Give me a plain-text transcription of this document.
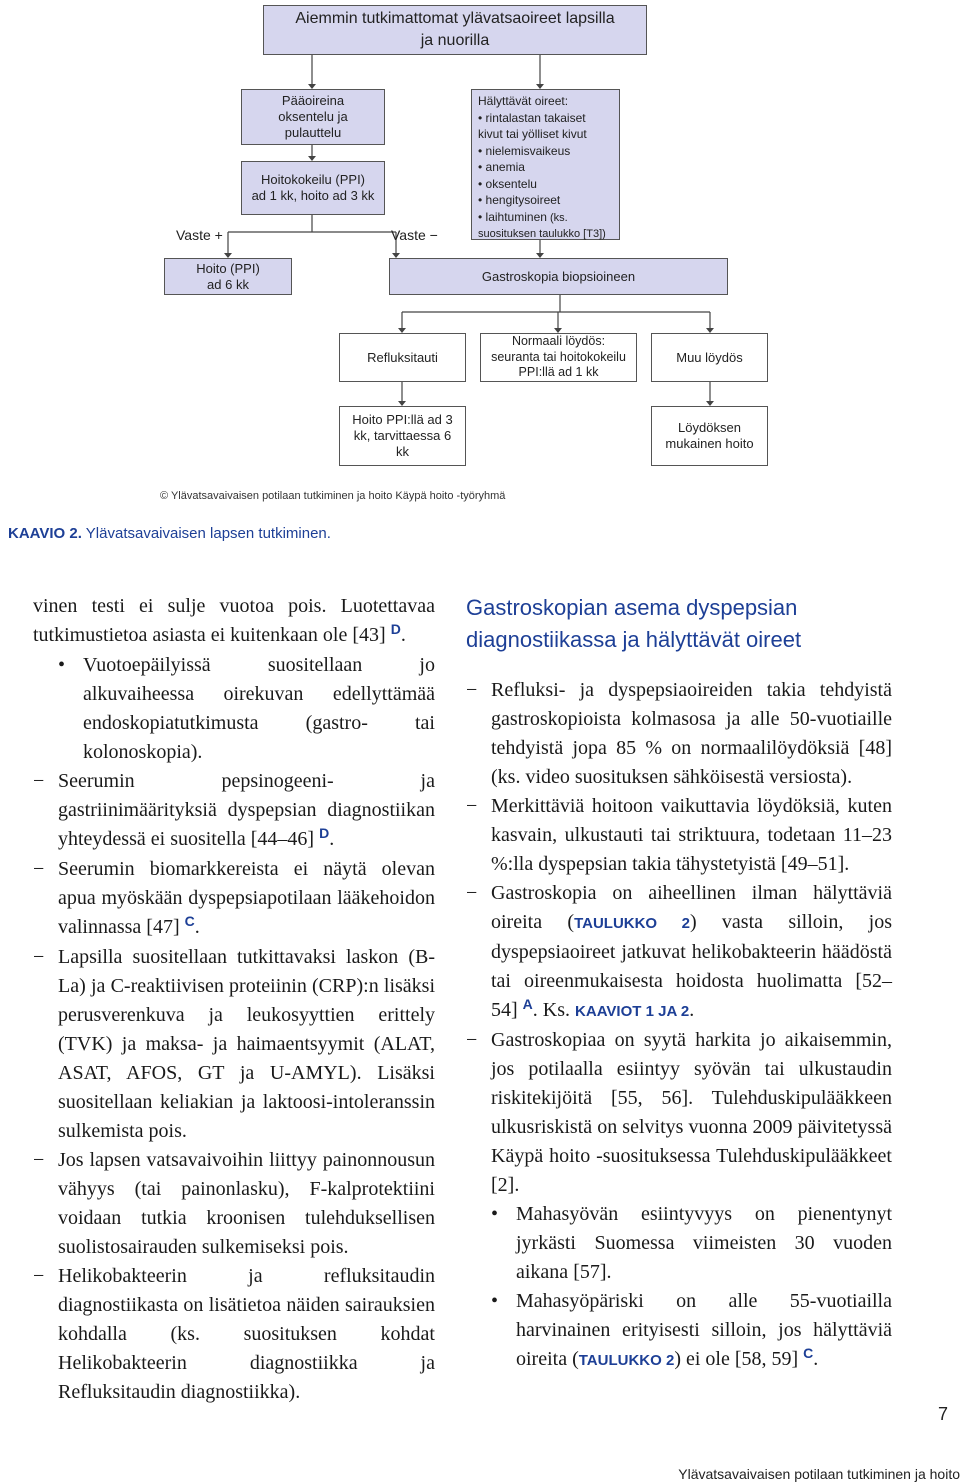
Aiemmin tutkimattomat ylävatsaoireet lapsilla
ja nuorilla
Pääoireina
oksentelu ja
pulauttelu
Hoitokokeilu (PPI)
ad 1 kk, hoito ad 3 kk
Vaste +	Vaste −
Hälyttävät oireet:
• rintalastan takaiset kivut tai yölliset kivut
• nielemisvaikeus
• anemia
• oksentelu
• hengitysoireet
• laihtuminen (ks.
suosituksen taulukko [T3])
Hoito (PPI)
ad 6 kk
Gastroskopia biopsioineen
Refluksitauti
Normaali löydös:
seuranta tai hoitokokeilu
PPI:llä ad 1 kk
Muu löydös
Hoito PPI:llä ad 3
kk, tarvittaessa 6
kk
Löydöksen
mukainen hoito
© Ylävatsavaivaisen potilaan tutkiminen ja hoito Käypä hoito -työryhmä
KAAVIO 2. Ylävatsavaivaisen lapsen tutkiminen.

vinen testi ei sulje vuotoa pois. Luotettavaa tutkimustietoa asiasta ei kuitenkaan ole [43] $^D$.

• Vuotoepäilyissä suositellaan jo alkuvaiheessa oirekuvan edellyttämää endoskopiatutkimusta (gastro- tai kolonoskopia).

− Seerumin pepsinogeeni- ja gastriinimäärityksiä dyspepsian diagnostiikan yhteydessä ei suositella [44–46] $^D$.

− Seerumin biomarkkereista ei näytä olevan apua myöskään dyspepsiapotilaan lääkehoidon valinnassa [47] $^C$.

− Lapsilla suositellaan tutkittavaksi laskon (B-La) ja C-reaktiivisen proteiinin (CRP):n lisäksi perusverenkuva ja leukosyyttien erittely (TVK) ja maksa- ja haimaentsyymit (ALAT, ASAT, AFOS, GT ja U-AMYL). Lisäksi suositellaan keliakian ja laktoosi-intoleranssin sulkemista pois.

− Jos lapsen vatsavaivoihin liittyy painonnousun vähyys (tai painonlasku), F-kalprotektiini voidaan tutkia kroonisen tulehduksellisen suolistosairauden sulkemiseksi pois.

− Helikobakteerin ja refluksitaudin diagnostiikasta on lisätietoa näiden sairauksien kohdalla (ks. suosituksen kohdat Helikobakteerin diagnostiikka ja Refluksitaudin diagnostiikka).

Gastroskopian asema dyspepsian diagnostiikassa ja hälyttävät oireet

− Refluksi- ja dyspepsiaoireiden takia tehdyistä gastroskopioista kolmasosa ja alle 50-vuotiaille tehdyistä jopa 85 % on normaalilöydöksiä [48] (ks. video suosituksen sähköisestä versiosta).

− Merkittäviä hoitoon vaikuttavia löydöksiä, kuten kasvain, ulkustauti tai striktuura, todetaan 11–23 %:lla dyspepsian takia tähystetyistä [49–51].

− Gastroskopia on aiheellinen ilman hälyttäviä oireita (TAULUKKO 2) vasta silloin, jos dyspepsiaoireet jatkuvat helikobakteerin häädöstä tai oireenmukaisesta hoidosta huolimatta [52–54] $^A$. Ks. KAAVIOT 1 JA 2.

− Gastroskopiaa on syytä harkita jo aikaisemmin, jos potilaalla esiintyy syövän tai ulkustaudin riskitekijöitä [55, 56]. Tulehduskipulääkkeen ulkusriskistä on selvitys vuonna 2009 päivitetyssä Käypä hoito -suosituksessa Tulehduskipulääkkeet [2].

• Mahasyövän esiintyvyys on pienentynyt jyrkästi Suomessa viimeisten 30 vuoden aikana [57].

• Mahasyöpäriski on alle 55-vuotiailla harvinainen erityisesti silloin, jos hälyttäviä oireita (TAULUKKO 2) ei ole [58, 59] $^C$.

7
Ylävatsavaivaisen potilaan tutkiminen ja hoito
